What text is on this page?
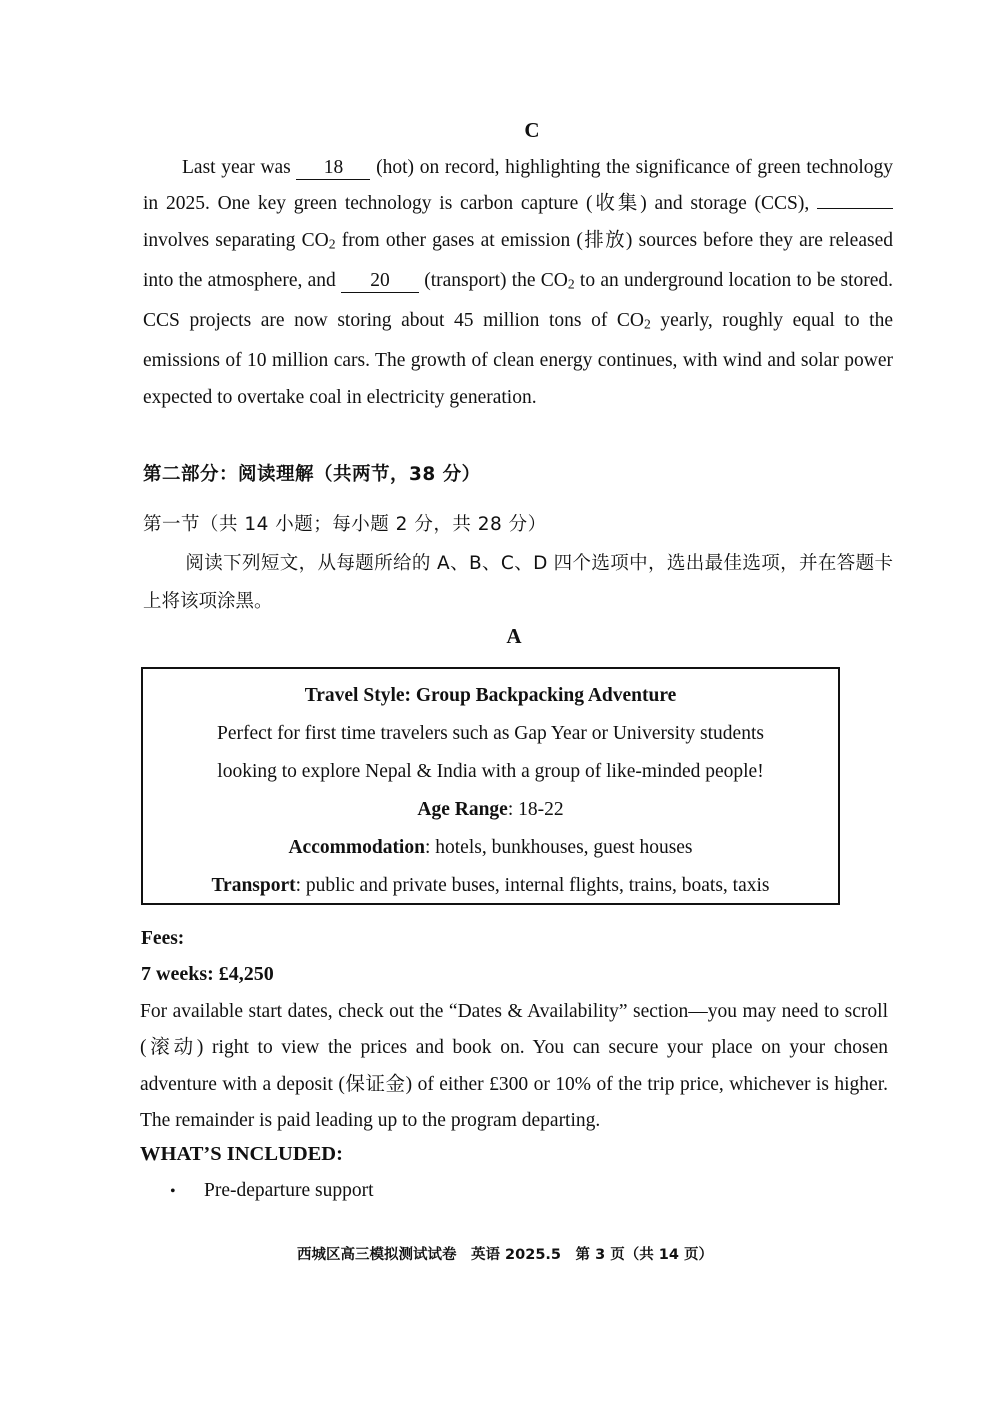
C
Last year was 18 (hot) on record, highlighting the significance of green technology in 2025. One key green technology is carbon capture (收集) and storage (CCS),  involves separating CO2 from other gases at emission (排放) sources before they are released into the atmosphere, and 20 (transport) the CO2 to an underground location to be stored. CCS projects are now storing about 45 million tons of CO2 yearly, roughly equal to the emissions of 10 million cars. The growth of clean energy continues, with wind and solar power expected to overtake coal in electricity generation.
第二部分：阅读理解（共两节，38 分）
第一节（共 14 小题；每小题 2 分，共 28 分）
阅读下列短文，从每题所给的 A、B、C、D 四个选项中，选出最佳选项，并在答题卡上将该项涂黑。
A
Travel Style: Group Backpacking Adventure
Perfect for first time travelers such as Gap Year or University students
looking to explore Nepal & India with a group of like-minded people!
Age Range: 18-22
Accommodation: hotels, bunkhouses, guest houses
Transport: public and private buses, internal flights, trains, boats, taxis
Fees:
7 weeks: £4,250
For available start dates, check out the “Dates & Availability” section—you may need to scroll (滚动) right to view the prices and book on. You can secure your place on your chosen adventure with a deposit (保证金) of either £300 or 10% of the trip price, whichever is higher. The remainder is paid leading up to the program departing.
WHAT’S INCLUDED:
• Pre-departure support
西城区高三模拟测试试卷　英语 2025.5　第 3 页（共 14 页）
